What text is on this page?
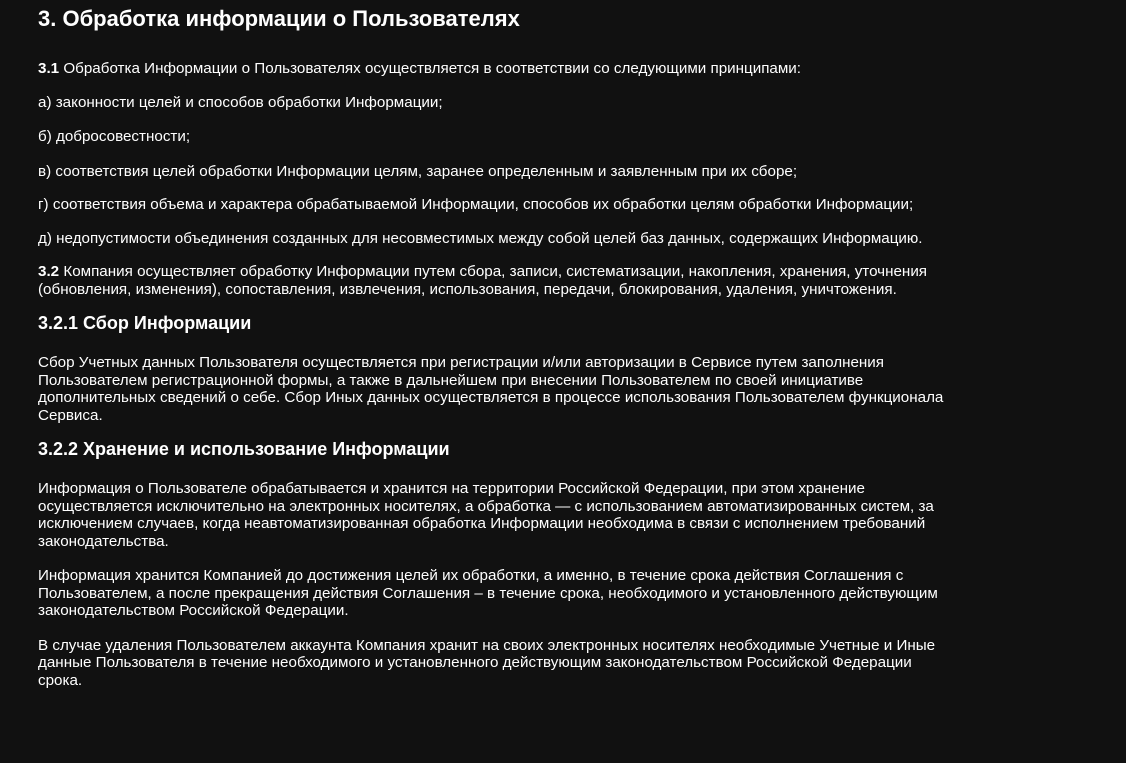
3. Обработка информации о Пользователях

3.1 Обработка Информации о Пользователях осуществляется в соответствии со следующими принципами:

а) законности целей и способов обработки Информации;

б) добросовестности;

в) соответствия целей обработки Информации целям, заранее определенным и заявленным при их сборе;

г) соответствия объема и характера обрабатываемой Информации, способов их обработки целям обработки Информации;

д) недопустимости объединения созданных для несовместимых между собой целей баз данных, содержащих Информацию.

3.2 Компания осуществляет обработку Информации путем сбора, записи, систематизации, накопления, хранения, уточнения (обновления, изменения), сопоставления, извлечения, использования, передачи, блокирования, удаления, уничтожения.

3.2.1 Сбор Информации

Сбор Учетных данных Пользователя осуществляется при регистрации и/или авторизации в Сервисе путем заполнения Пользователем регистрационной формы, а также в дальнейшем при внесении Пользователем по своей инициативе дополнительных сведений о себе. Сбор Иных данных осуществляется в процессе использования Пользователем функционала Сервиса.

3.2.2 Хранение и использование Информации

Информация о Пользователе обрабатывается и хранится на территории Российской Федерации, при этом хранение осуществляется исключительно на электронных носителях, а обработка — с использованием автоматизированных систем, за исключением случаев, когда неавтоматизированная обработка Информации необходима в связи с исполнением требований законодательства.

Информация хранится Компанией до достижения целей их обработки, а именно, в течение срока действия Соглашения с Пользователем, а после прекращения действия Соглашения – в течение срока, необходимого и установленного действующим законодательством Российской Федерации.

В случае удаления Пользователем аккаунта Компания хранит на своих электронных носителях необходимые Учетные и Иные данные Пользователя в течение необходимого и установленного действующим законодательством Российской Федерации срока.
